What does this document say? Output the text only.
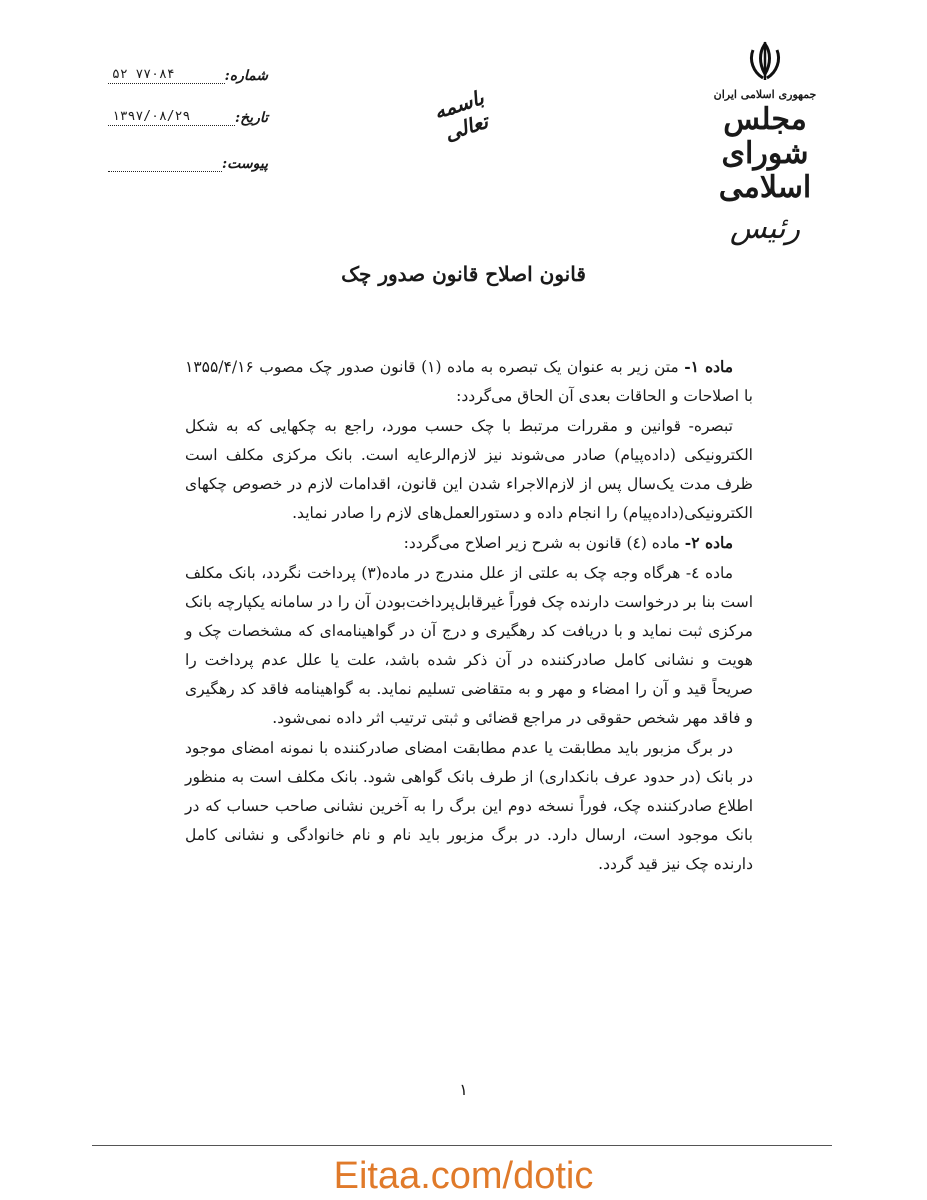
جمهوری اسلامی ایران
مجلس شورای اسلامی
رئیس
باسمه تعالی
شماره:
۵۲ ۷۷۰۸۴
تاریخ:
۱۳۹۷/۰۸/۲۹
پیوست:
قانون اصلاح قانون صدور چک

ماده ۱- متن زیر به عنوان یک تبصره به ماده (۱) قانون صدور چک مصوب ۱۳۵۵/۴/۱۶ با اصلاحات و الحاقات بعدی آن الحاق می‌گردد:

تبصره- قوانین و مقررات مرتبط با چک حسب مورد، راجع به چکهایی که به شکل الکترونیکی (داده‌پیام) صادر می‌شوند نیز لازم‌الرعایه است. بانک مرکزی مکلف است ظرف مدت یک‌سال پس از لازم‌الاجراء شدن این قانون، اقدامات لازم در خصوص چکهای الکترونیکی(داده‌پیام) را انجام داده و دستورالعمل‌های لازم را صادر نماید.

ماده ۲- ماده (٤) قانون به شرح زیر اصلاح می‌گردد:

ماده ٤- هرگاه وجه چک به علتی از علل مندرج در ماده(۳) پرداخت نگردد، بانک مکلف است بنا بر درخواست دارنده چک فوراً غیرقابل‌پرداخت‌بودن آن را در سامانه یکپارچه بانک مرکزی ثبت نماید و با دریافت کد رهگیری و درج آن در گواهینامه‌ای که مشخصات چک و هویت و نشانی کامل صادرکننده در آن ذکر شده باشد، علت یا علل عدم پرداخت را صریحاً قید و آن را امضاء و مهر و به متقاضی تسلیم نماید. به گواهینامه فاقد کد رهگیری و فاقد مهر شخص حقوقی در مراجع قضائی و ثبتی ترتیب اثر داده نمی‌شود.

در برگ مزبور باید مطابقت یا عدم مطابقت امضای صادرکننده با نمونه امضای موجود در بانک (در حدود عرف بانکداری) از طرف بانک گواهی شود. بانک مکلف است به منظور اطلاع صادرکننده چک، فوراً نسخه دوم این برگ را به آخرین نشانی صاحب حساب که در بانک موجود است، ارسال دارد. در برگ مزبور باید نام و نام خانوادگی و نشانی کامل دارنده چک نیز قید گردد.

۱
Eitaa.com/dotic
